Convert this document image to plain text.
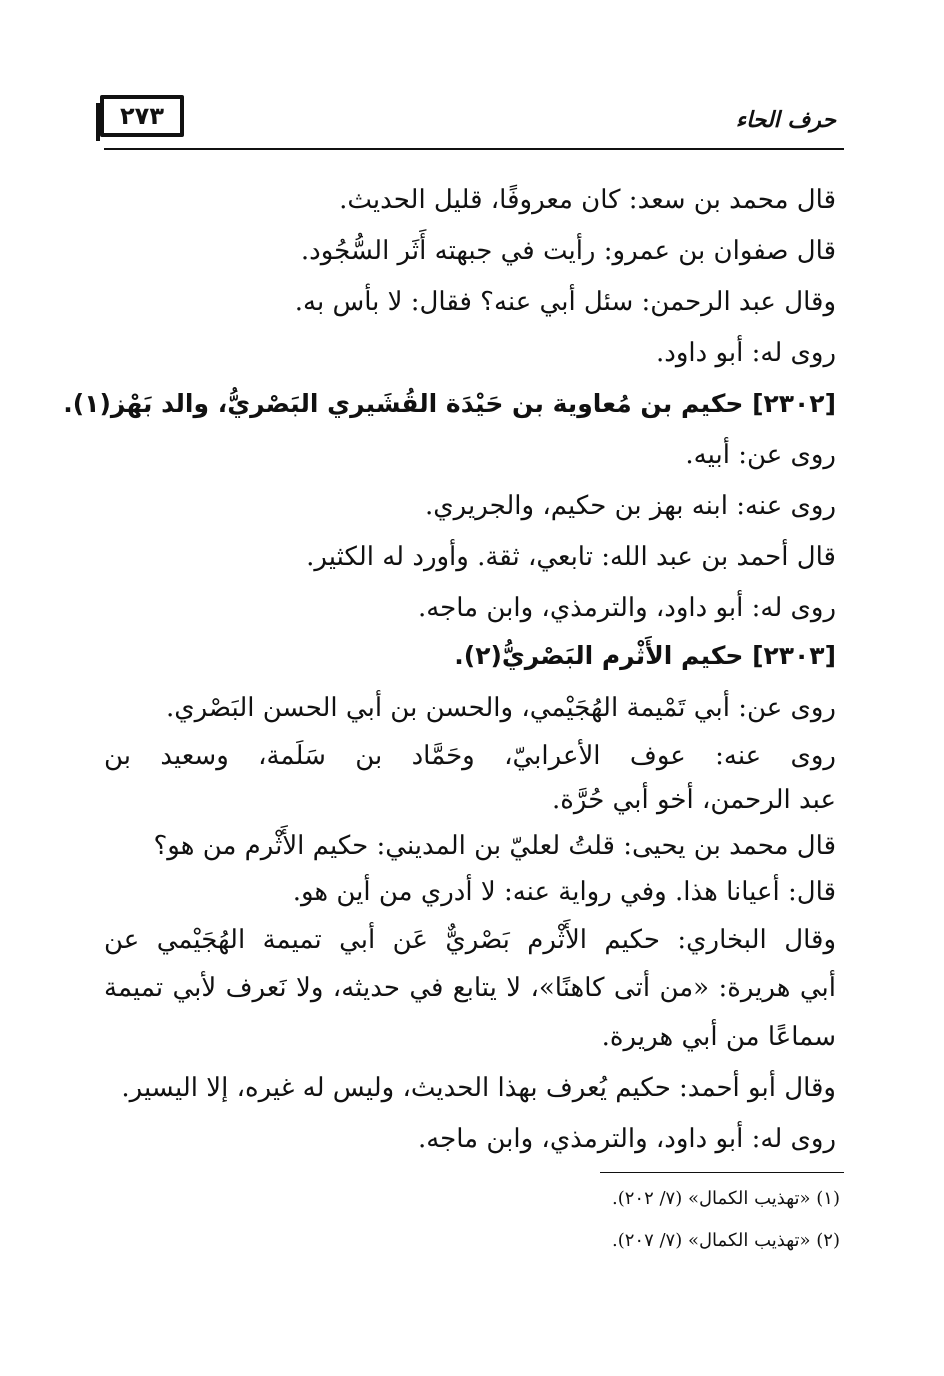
٢٧٣	حرف الحاء
قال محمد بن سعد: كان معروفًا، قليل الحديث.
قال صفوان بن عمرو: رأيت في جبهته أَثَر السُّجُود.
وقال عبد الرحمن: سئل أبي عنه؟ فقال: لا بأس به.
روى له: أبو داود.
[٢٣٠٢] حكيم بن مُعاوية بن حَيْدَة القُشَيري البَصْريُّ، والد بَهْز(١).
روى عن: أبيه.
روى عنه: ابنه بهز بن حكيم، والجريري.
قال أحمد بن عبد الله: تابعي، ثقة. وأورد له الكثير.
روى له: أبو داود، والترمذي، وابن ماجه.
[٢٣٠٣] حكيم الأَثْرم البَصْريُّ(٢).
روى عن: أبي تَمْيمة الهُجَيْمي، والحسن بن أبي الحسن البَصْري.
روى عنه: عوف الأعرابيّ، وحَمَّاد بن سَلَمة، وسعيد بن
عبد الرحمن، أخو أبي حُرَّة.
قال محمد بن يحيى: قلتُ لعليّ بن المديني: حكيم الأَثْرم من هو؟
قال: أعيانا هذا. وفي رواية عنه: لا أدري من أين هو.
وقال البخاري: حكيم الأَثْرم بَصْريٌّ عَن أبي تميمة الهُجَيْمي عن
أبي هريرة: «من أتى كاهنًا»، لا يتابع في حديثه، ولا نَعرف لأبي تميمة
سماعًا من أبي هريرة.
وقال أبو أحمد: حكيم يُعرف بهذا الحديث، وليس له غيره، إلا اليسير.
روى له: أبو داود، والترمذي، وابن ماجه.
(١) «تهذيب الكمال» (٧/ ٢٠٢).
(٢) «تهذيب الكمال» (٧/ ٢٠٧).
